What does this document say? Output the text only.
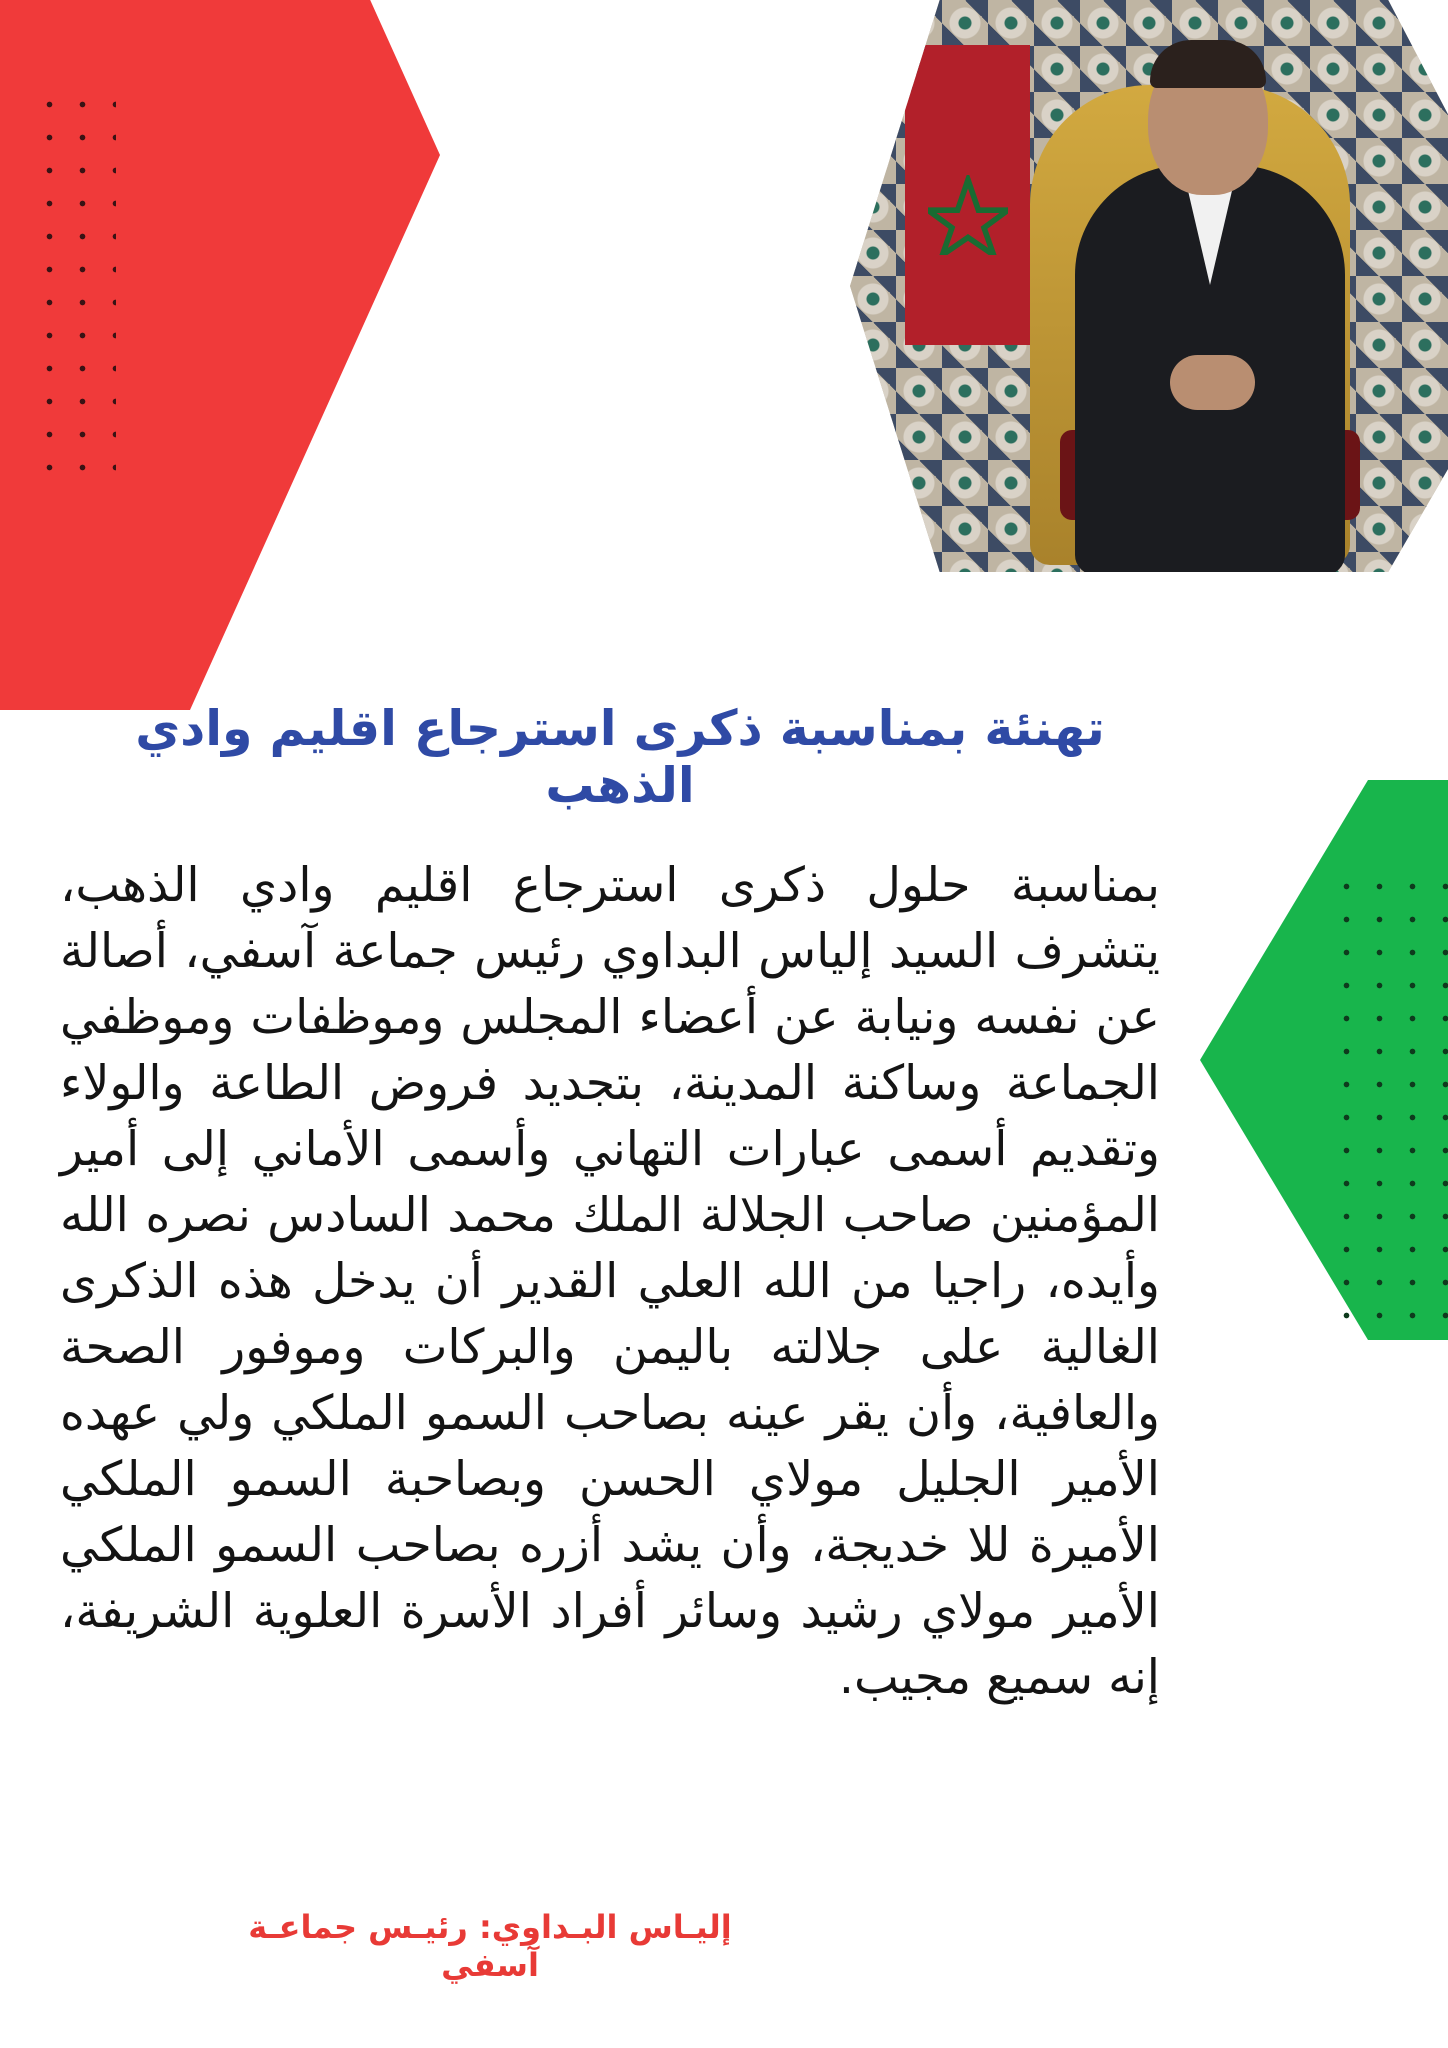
تهنئة بمناسبة ذكرى استرجاع اقليم وادي الذهب
بمناسبة حلول ذكرى استرجاع اقليم وادي الذهب، يتشرف السيد إلياس البداوي رئيس جماعة آسفي، أصالة عن نفسه ونيابة عن أعضاء المجلس وموظفات وموظفي الجماعة وساكنة المدينة، بتجديد فروض الطاعة والولاء وتقديم أسمى عبارات التهاني وأسمى الأماني إلى أمير المؤمنين صاحب الجلالة الملك محمد السادس نصره الله وأيده، راجيا من الله العلي القدير أن يدخل هذه الذكرى الغالية على جلالته باليمن والبركات وموفور الصحة والعافية، وأن يقر عينه بصاحب السمو الملكي ولي عهده الأمير الجليل مولاي الحسن وبصاحبة السمو الملكي الأميرة للا خديجة، وأن يشد أزره بصاحب السمو الملكي الأمير مولاي رشيد وسائر أفراد الأسرة العلوية الشريفة، إنه سميع مجيب.
إليـاس البـداوي: رئيـس جماعـة آسفي
